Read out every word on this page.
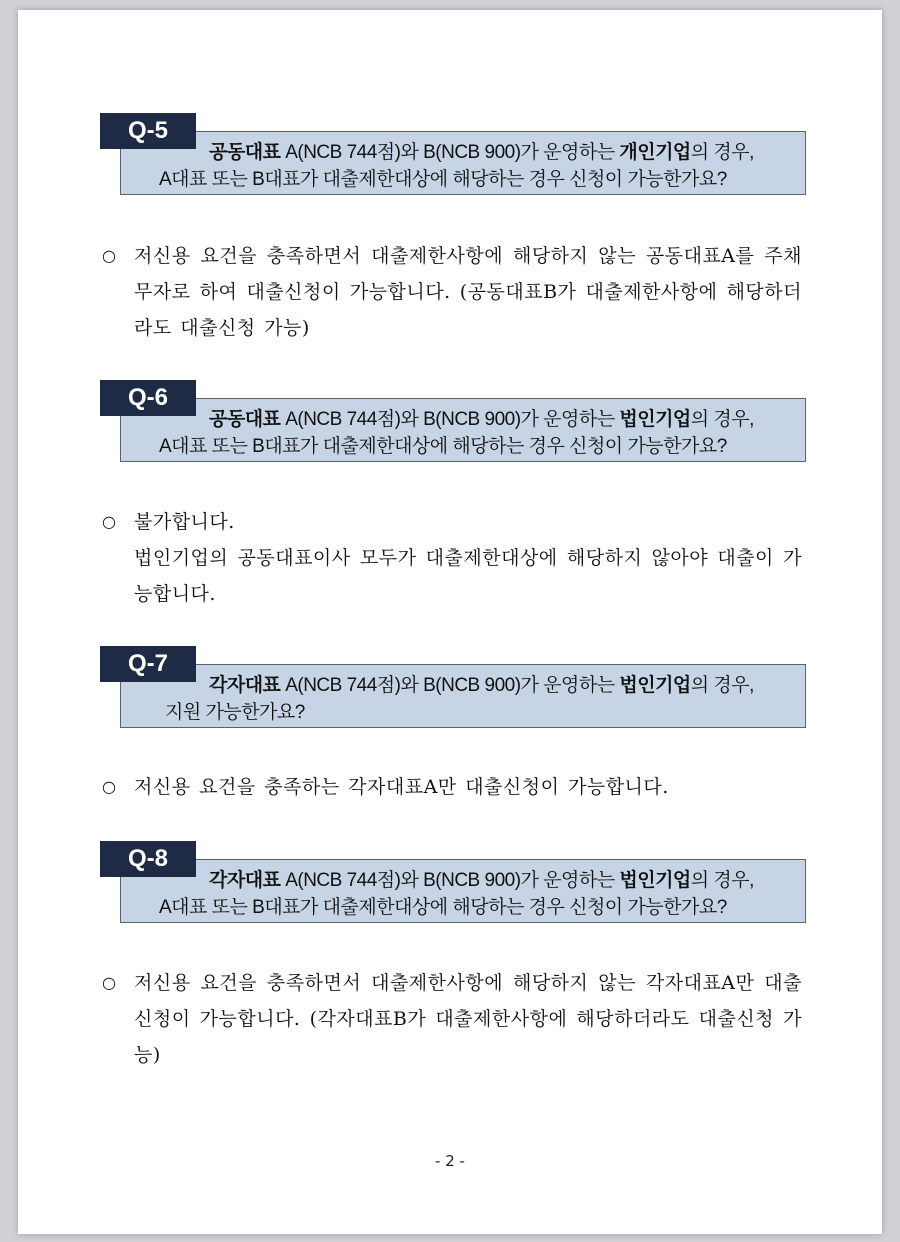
Q-5
공동대표 A(NCB 744점)와 B(NCB 900)가 운영하는 개인기업의 경우,
A대표 또는 B대표가 대출제한대상에 해당하는 경우 신청이 가능한가요?
○ 저신용 요건을 충족하면서 대출제한사항에 해당하지 않는 공동대표A를 주채무자로 하여 대출신청이 가능합니다. (공동대표B가 대출제한사항에 해당하더라도 대출신청 가능)
Q-6
공동대표 A(NCB 744점)와 B(NCB 900)가 운영하는 법인기업의 경우,
A대표 또는 B대표가 대출제한대상에 해당하는 경우 신청이 가능한가요?
○ 불가합니다.
법인기업의 공동대표이사 모두가 대출제한대상에 해당하지 않아야 대출이 가능합니다.
Q-7
각자대표 A(NCB 744점)와 B(NCB 900)가 운영하는 법인기업의 경우,
지원 가능한가요?
○ 저신용 요건을 충족하는 각자대표A만 대출신청이 가능합니다.
Q-8
각자대표 A(NCB 744점)와 B(NCB 900)가 운영하는 법인기업의 경우,
A대표 또는 B대표가 대출제한대상에 해당하는 경우 신청이 가능한가요?
○ 저신용 요건을 충족하면서 대출제한사항에 해당하지 않는 각자대표A만 대출신청이 가능합니다. (각자대표B가 대출제한사항에 해당하더라도 대출신청 가능)
- 2 -
